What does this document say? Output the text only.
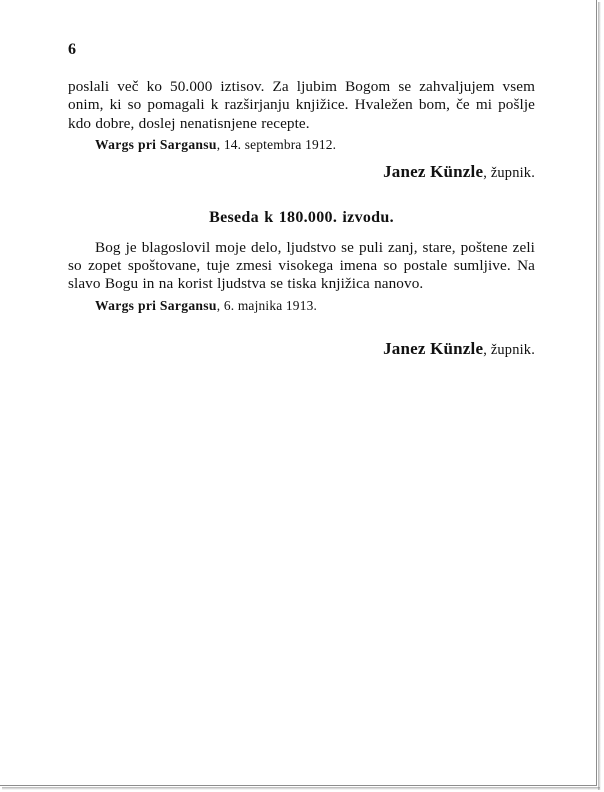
6

poslali več ko 50.000 iztisov. Za ljubim Bogom se zahvaljujem vsem onim, ki so pomagali k razširjanju knjižice. Hvaležen bom, če mi pošlje kdo dobre, doslej nenatisnjene recepte.

Wargs pri Sargansu, 14. septembra 1912.
Janez Künzle, župnik.
Beseda k 180.000. izvodu.

Bog je blagoslovil moje delo, ljudstvo se puli zanj, stare, poštene zeli so zopet spoštovane, tuje zmesi visokega imena so postale sumljive. Na slavo Bogu in na korist ljudstva se tiska knjižica nanovo.

Wargs pri Sargansu, 6. majnika 1913.
Janez Künzle, župnik.
